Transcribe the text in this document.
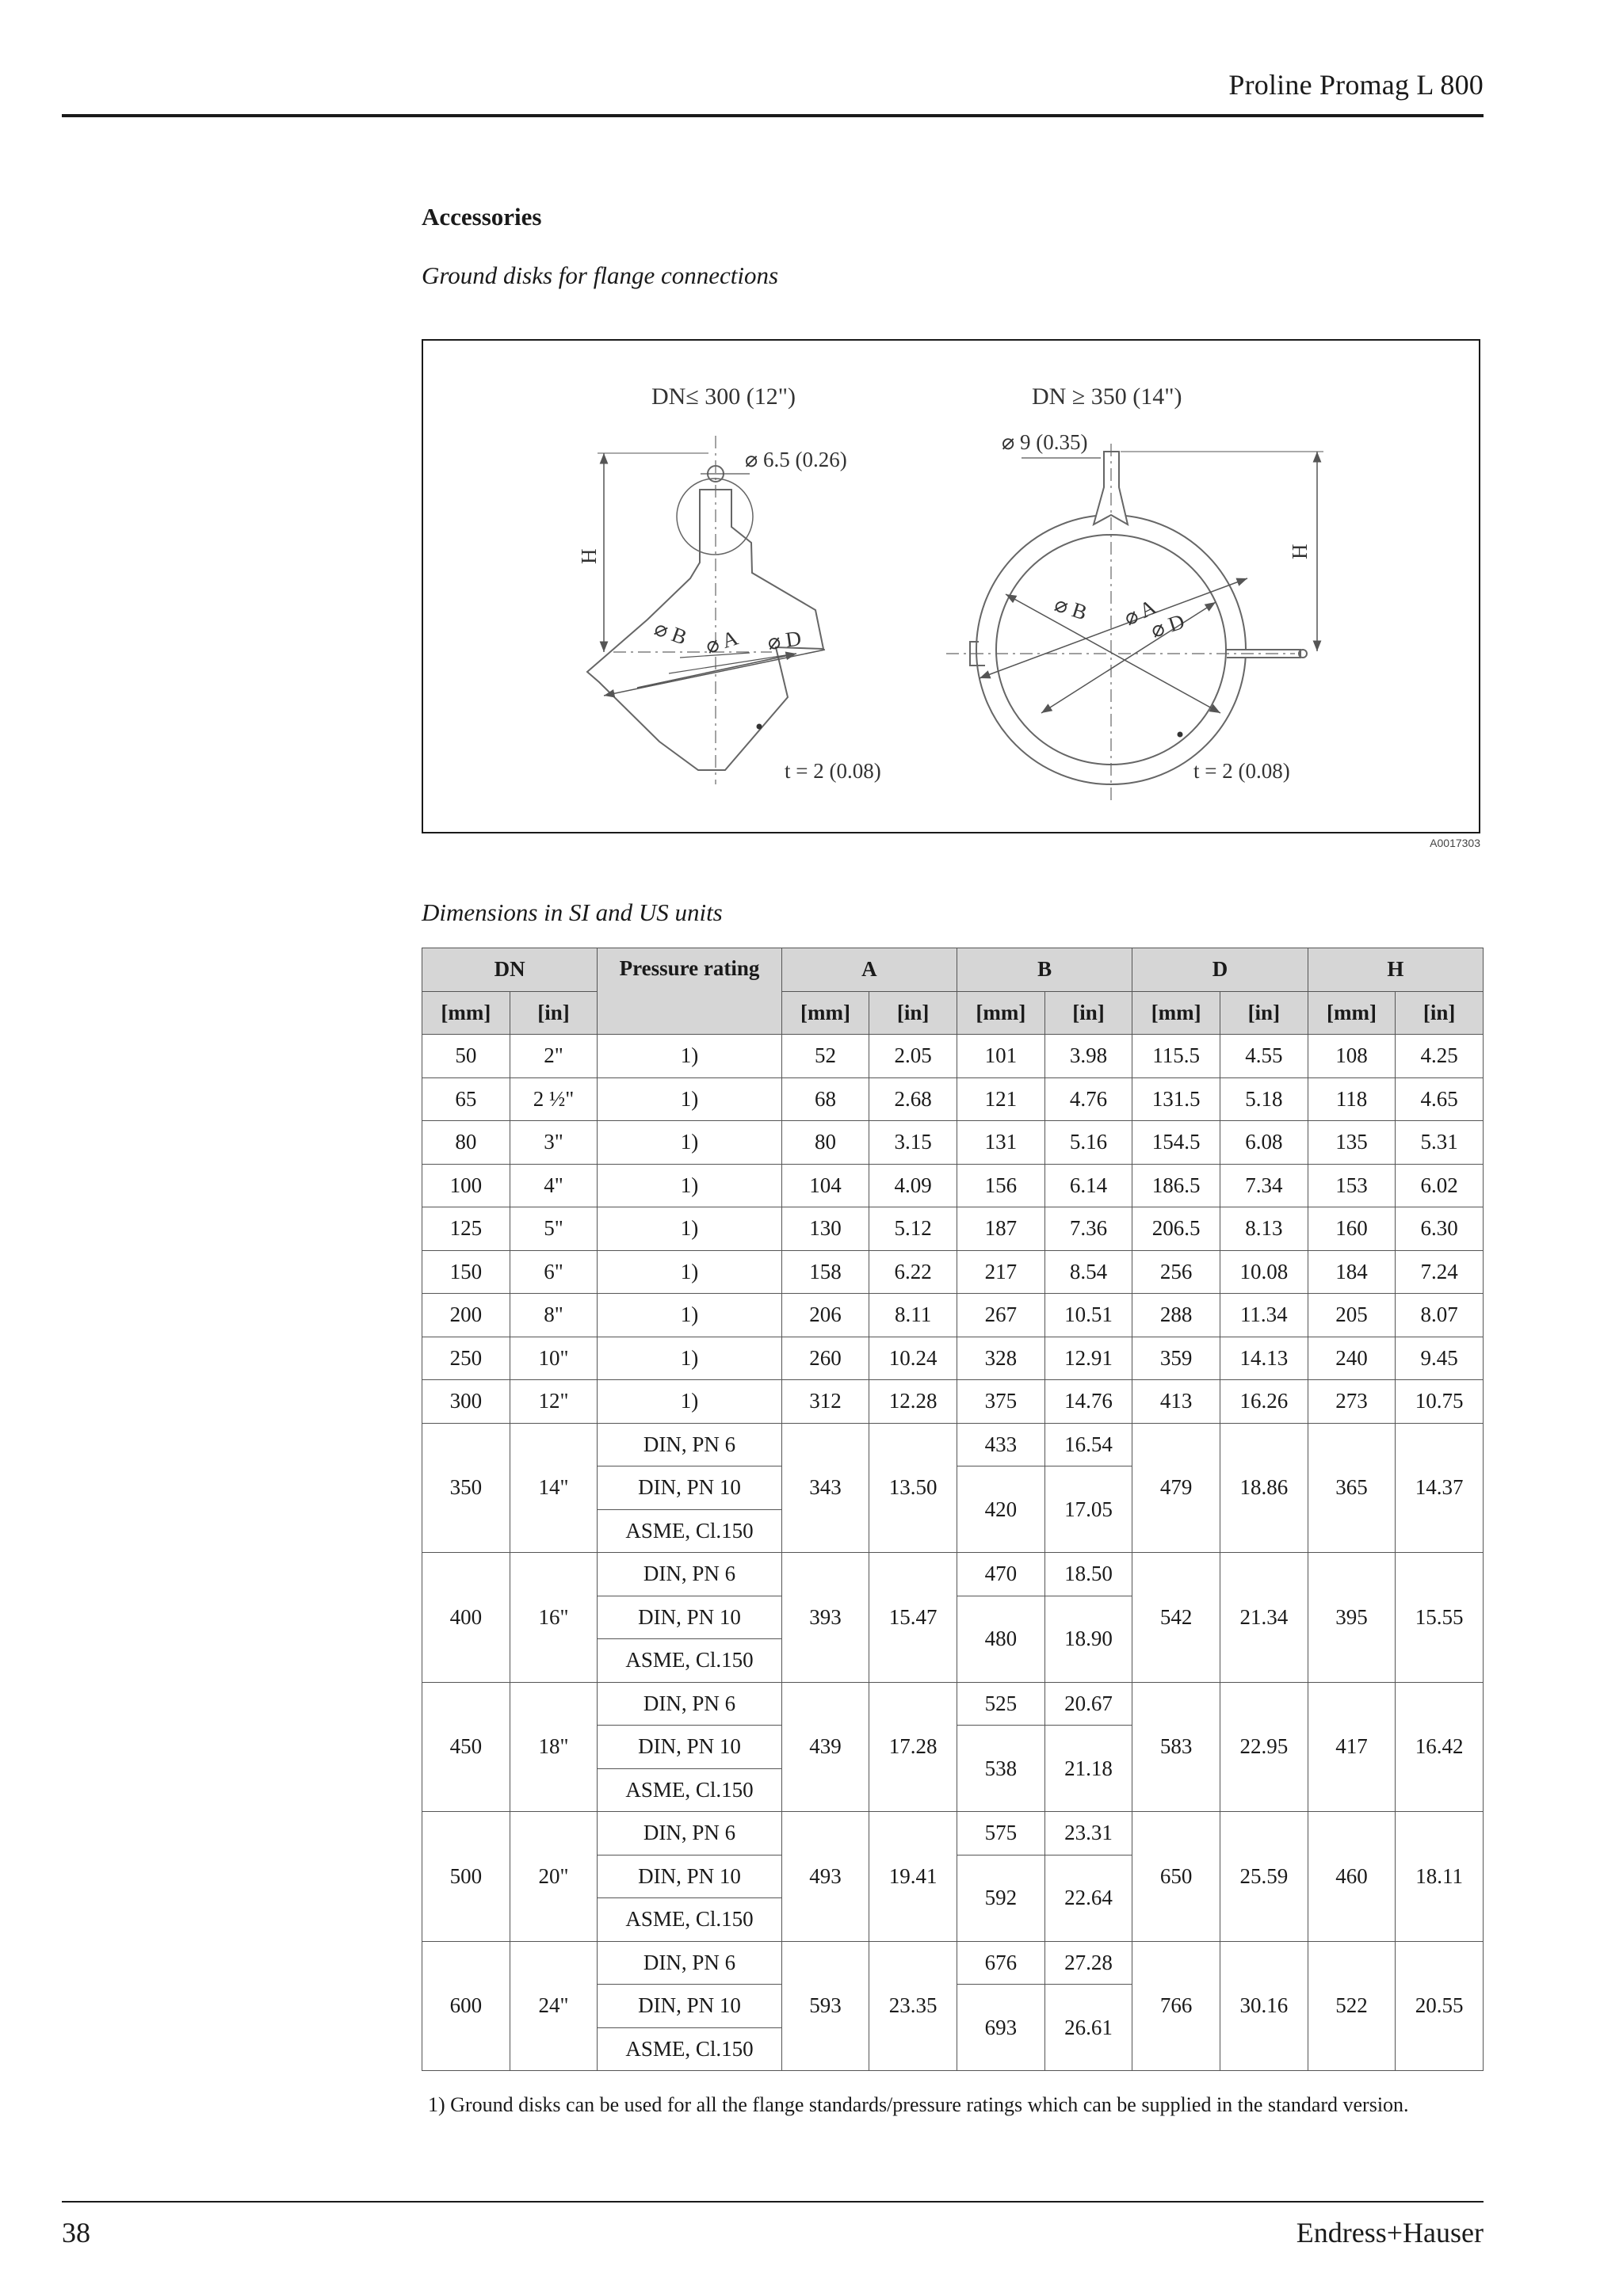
Proline Promag L 800
Accessories
Ground disks for flange connections
DN≤ 300 (12")
⌀ 6.5 (0.26)
H
⌀ B ⌀ A ⌀ D
t = 2 (0.08)
DN ≥ 350 (14")
⌀ 9 (0.35)
H
⌀ B ⌀ A
⌀ D
t = 2 (0.08)
A0017303
Dimensions in SI and US units
DN		Pressure rating	A		B		D		H	
[mm]	[in]		[mm]	[in]	[mm]	[in]	[mm]	[in]	[mm]	[in]
50	2"	1)	52	2.05	101	3.98	115.5	4.55	108	4.25
65	2 ½"	1)	68	2.68	121	4.76	131.5	5.18	118	4.65
80	3"	1)	80	3.15	131	5.16	154.5	6.08	135	5.31
100	4"	1)	104	4.09	156	6.14	186.5	7.34	153	6.02
125	5"	1)	130	5.12	187	7.36	206.5	8.13	160	6.30
150	6"	1)	158	6.22	217	8.54	256	10.08	184	7.24
200	8"	1)	206	8.11	267	10.51	288	11.34	205	8.07
250	10"	1)	260	10.24	328	12.91	359	14.13	240	9.45
300	12"	1)	312	12.28	375	14.76	413	16.26	273	10.75
350	14"	DIN, PN 6	343	13.50	433	16.54	479	18.86	365	14.37
		DIN, PN 10			420	17.05				
		ASME, Cl.150								
400	16"	DIN, PN 6	393	15.47	470	18.50	542	21.34	395	15.55
		DIN, PN 10			480	18.90				
		ASME, Cl.150								
450	18"	DIN, PN 6	439	17.28	525	20.67	583	22.95	417	16.42
		DIN, PN 10			538	21.18				
		ASME, Cl.150								
500	20"	DIN, PN 6	493	19.41	575	23.31	650	25.59	460	18.11
		DIN, PN 10			592	22.64				
		ASME, Cl.150								
600	24"	DIN, PN 6	593	23.35	676	27.28	766	30.16	522	20.55
		DIN, PN 10			693	26.61				
		ASME, Cl.150								
1) Ground disks can be used for all the flange standards/pressure ratings which can be supplied in the standard version.
38	Endress+Hauser
